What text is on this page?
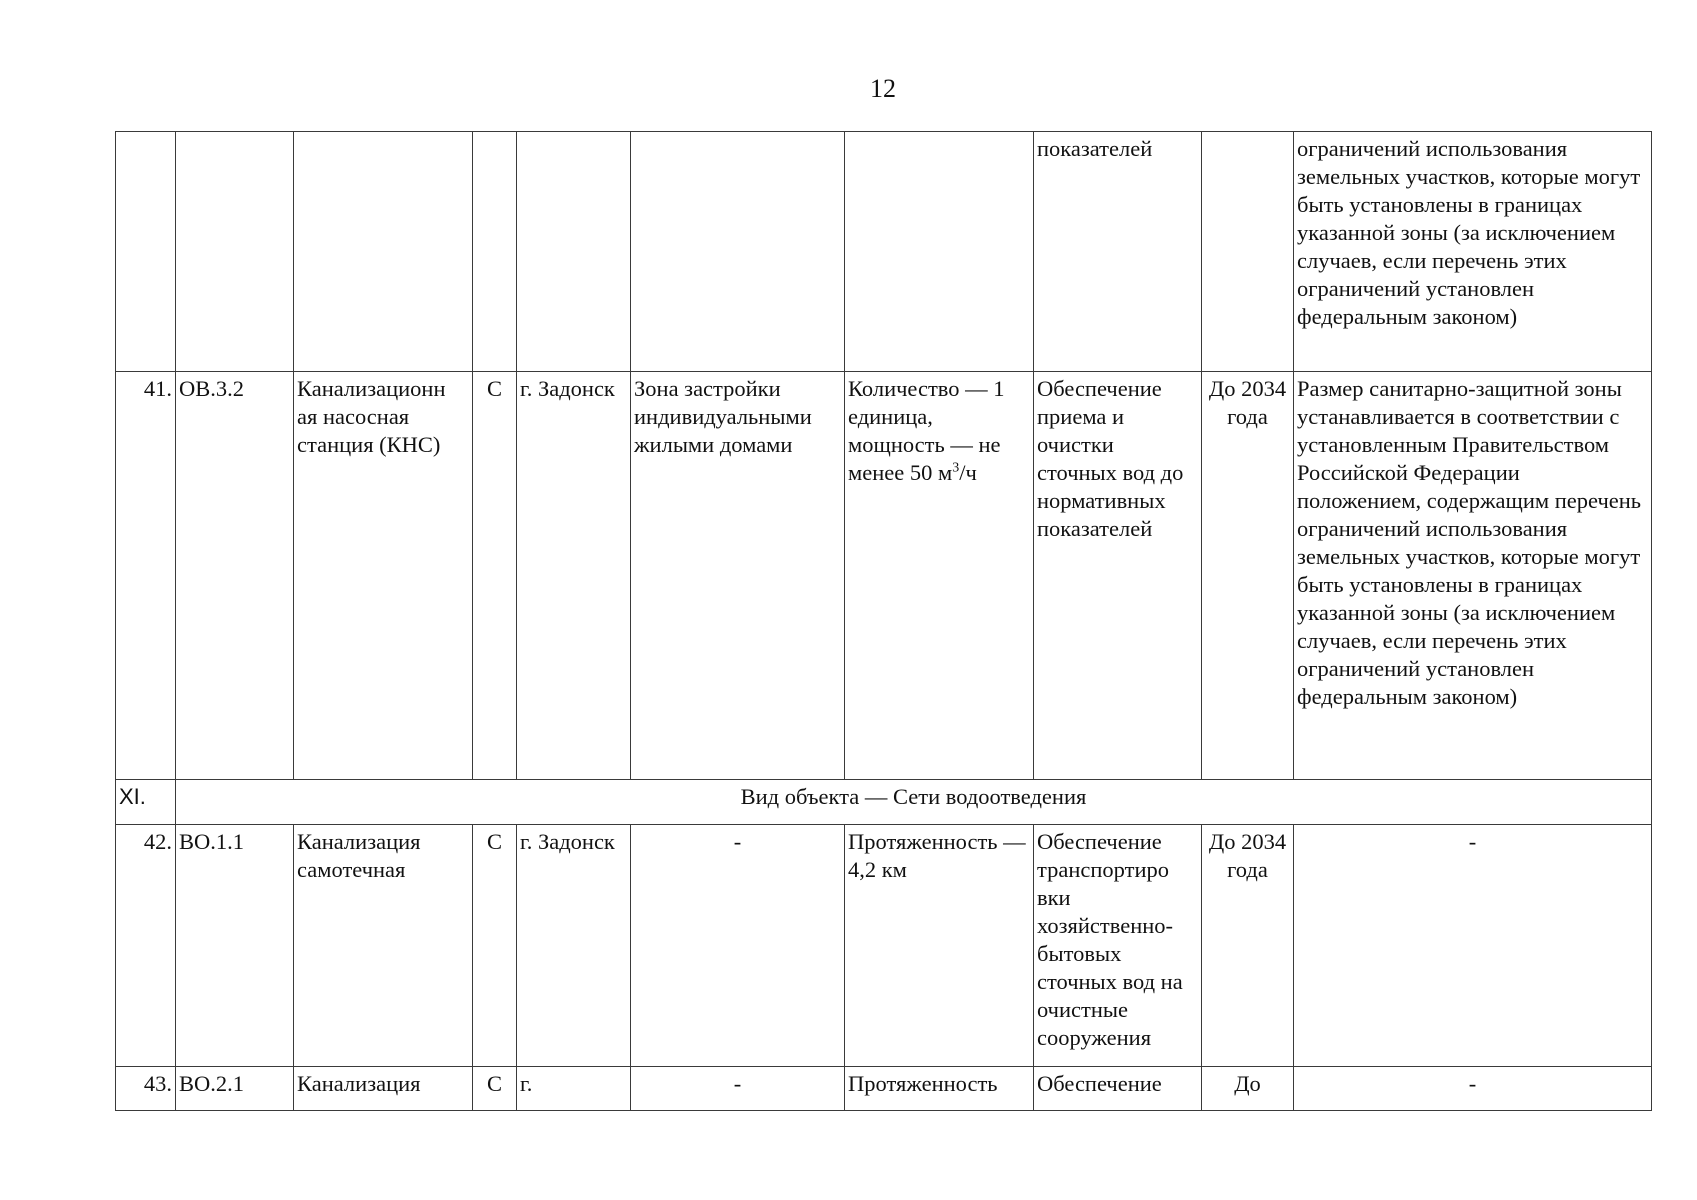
12
							показателей		ограничений использования земельных участков, которые могут быть установлены в границах указанной зоны (за исключением случаев, если перечень этих ограничений установлен федеральным законом)
41.	ОВ.3.2	Канализационн ая насосная станция (КНС)	С	г. Задонск	Зона застройки индивидуальными жилыми домами	Количество — 1 единица, мощность — не менее 50 $м^3/ч$	Обеспечение приема и очистки сточных вод до нормативных показателей	До 2034 года	Размер санитарно-защитной зоны устанавливается в соответствии с установленным Правительством Российской Федерации положением, содержащим перечень ограничений использования земельных участков, которые могут быть установлены в границах указанной зоны (за исключением случаев, если перечень этих ограничений установлен федеральным законом)
XI.	Вид объекта — Сети водоотведения								
42.	ВО.1.1	Канализация самотечная	С	г. Задонск	-	Протяженность — 4,2 км	Обеспечение транспортиро вки хозяйственно-бытовых сточных вод на очистные сооружения	До 2034 года	-
43.	ВО.2.1	Канализация	С	г.	-	Протяженность	Обеспечение	До	-
